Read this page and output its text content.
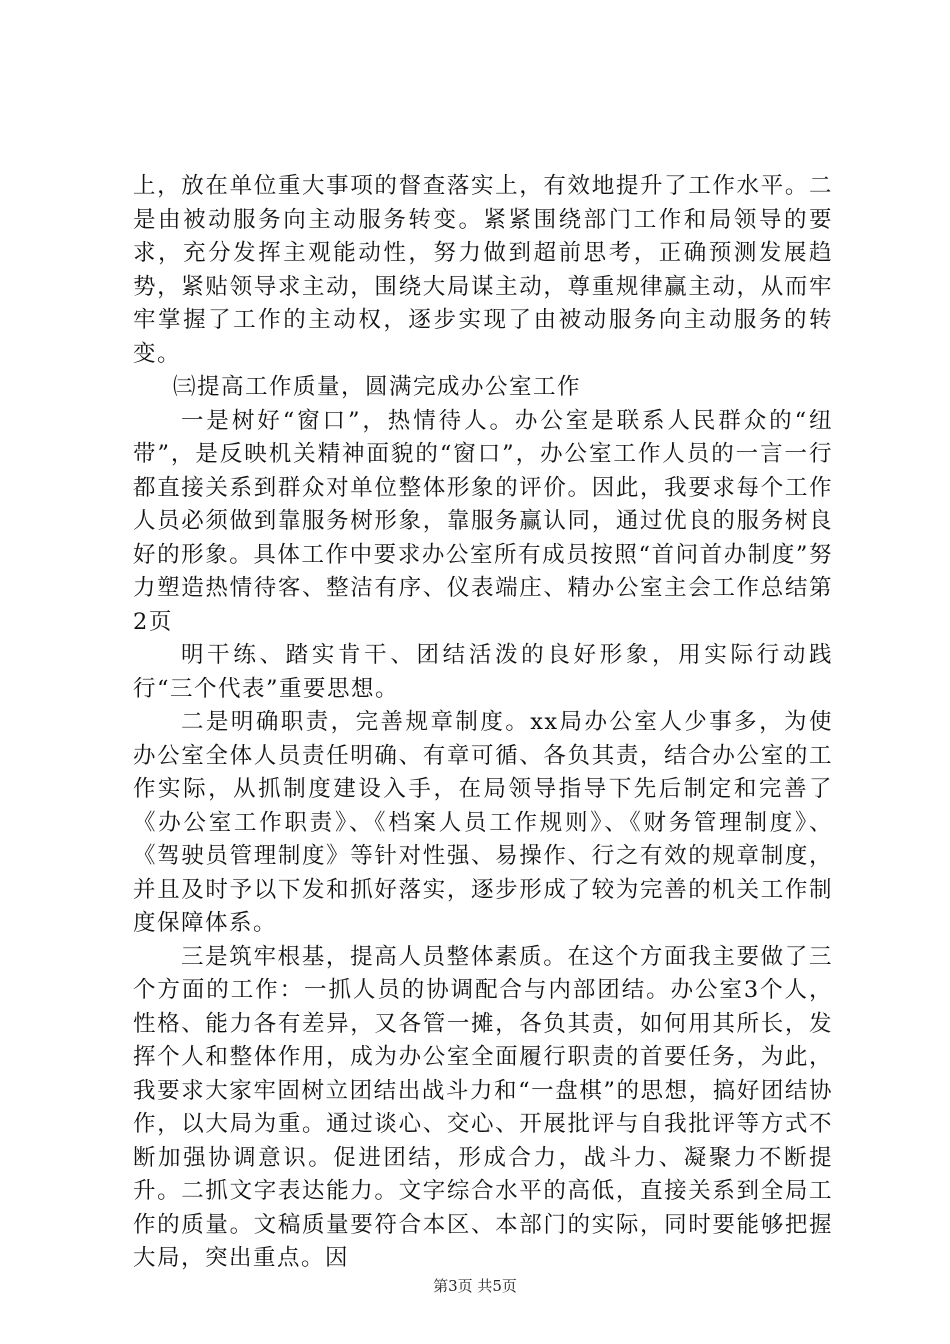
上，放在单位重大事项的督查落实上，有效地提升了工作水平。二是由被动服务向主动服务转变。紧紧围绕部门工作和局领导的要求，充分发挥主观能动性，努力做到超前思考，正确预测发展趋势，紧贴领导求主动，围绕大局谋主动，尊重规律赢主动，从而牢牢掌握了工作的主动权，逐步实现了由被动服务向主动服务的转变。

㈢提高工作质量，圆满完成办公室工作

一是树好“窗口”，热情待人。办公室是联系人民群众的“纽带”，是反映机关精神面貌的“窗口”，办公室工作人员的一言一行都直接关系到群众对单位整体形象的评价。因此，我要求每个工作人员必须做到靠服务树形象，靠服务赢认同，通过优良的服务树良好的形象。具体工作中要求办公室所有成员按照“首问首办制度”努力塑造热情待客、整洁有序、仪表端庄、精办公室主会工作总结第2页

明干练、踏实肯干、团结活泼的良好形象，用实际行动践行“三个代表”重要思想。

二是明确职责，完善规章制度。xx局办公室人少事多，为使办公室全体人员责任明确、有章可循、各负其责，结合办公室的工作实际，从抓制度建设入手，在局领导指导下先后制定和完善了《办公室工作职责》、《档案人员工作规则》、《财务管理制度》、《驾驶员管理制度》等针对性强、易操作、行之有效的规章制度，并且及时予以下发和抓好落实，逐步形成了较为完善的机关工作制度保障体系。

三是筑牢根基，提高人员整体素质。在这个方面我主要做了三个方面的工作：一抓人员的协调配合与内部团结。办公室3个人，性格、能力各有差异，又各管一摊，各负其责，如何用其所长，发挥个人和整体作用，成为办公室全面履行职责的首要任务，为此，我要求大家牢固树立团结出战斗力和“一盘棋”的思想，搞好团结协作，以大局为重。通过谈心、交心、开展批评与自我批评等方式不断加强协调意识。促进团结，形成合力，战斗力、凝聚力不断提升。二抓文字表达能力。文字综合水平的高低，直接关系到全局工作的质量。文稿质量要符合本区、本部门的实际，同时要能够把握大局，突出重点。因

第3页 共5页
